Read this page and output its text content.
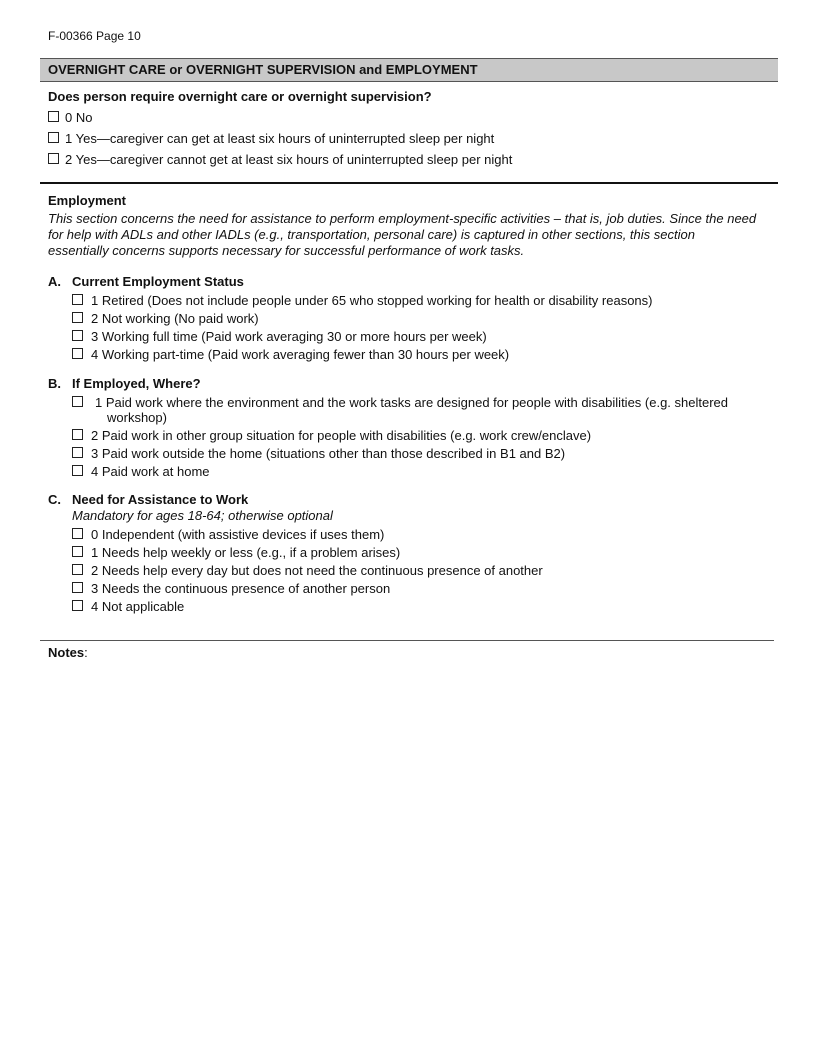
F-00366 Page 10
OVERNIGHT CARE or OVERNIGHT SUPERVISION and EMPLOYMENT
Does person require overnight care or overnight supervision?
0 No
1 Yes—caregiver can get at least six hours of uninterrupted sleep per night
2 Yes—caregiver cannot get at least six hours of uninterrupted sleep per night
Employment
This section concerns the need for assistance to perform employment-specific activities – that is, job duties. Since the need for help with ADLs and other IADLs (e.g., transportation, personal care) is captured in other sections, this section essentially concerns supports necessary for successful performance of work tasks.
A. Current Employment Status
1 Retired (Does not include people under 65 who stopped working for health or disability reasons)
2 Not working (No paid work)
3 Working full time (Paid work averaging 30 or more hours per week)
4 Working part-time (Paid work averaging fewer than 30 hours per week)
B. If Employed, Where?
1 Paid work where the environment and the work tasks are designed for people with disabilities (e.g. sheltered
workshop)
2 Paid work in other group situation for people with disabilities (e.g. work crew/enclave)
3 Paid work outside the home (situations other than those described in B1 and B2)
4 Paid work at home
C. Need for Assistance to Work
Mandatory for ages 18-64; otherwise optional
0 Independent (with assistive devices if uses them)
1 Needs help weekly or less (e.g., if a problem arises)
2 Needs help every day but does not need the continuous presence of another
3 Needs the continuous presence of another person
4 Not applicable
Notes:
